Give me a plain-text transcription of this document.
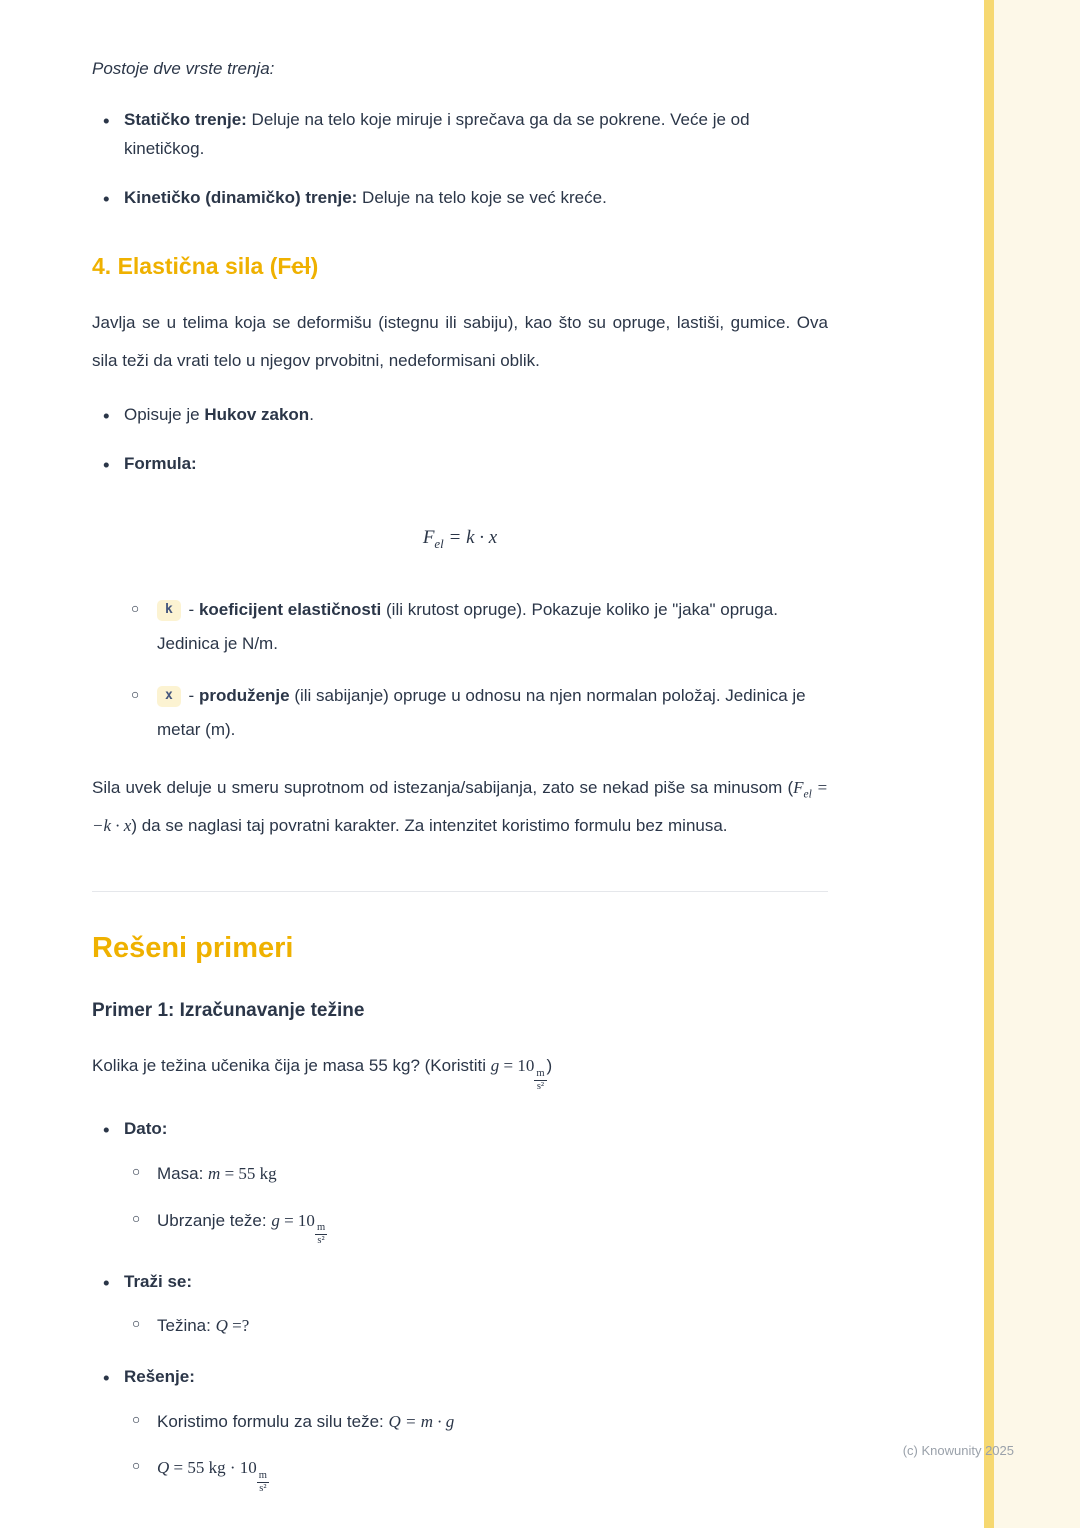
Postoje dve vrste trenja:

• Statičko trenje: Deluje na telo koje miruje i sprečava ga da se pokrene. Veće je od kinetičkog.
• Kinetičko (dinamičko) trenje: Deluje na telo koje se već kreće.
4. Elastična sila (Fel)

Javlja se u telima koja se deformišu (istegnu ili sabiju), kao što su opruge, lastiši, gumice. Ova sila teži da vrati telo u njegov prvobitni, nedeformisani oblik.

• Opisuje je Hukov zakon.
• Formula:
$F_{el} = k \cdot x$
○ k - koeficijent elastičnosti (ili krutost opruge). Pokazuje koliko je "jaka" opruga. Jedinica je N/m.
○ x - produženje (ili sabijanje) opruge u odnosu na njen normalan položaj. Jedinica je metar (m).

Sila uvek deluje u smeru suprotnom od istezanja/sabijanja, zato se nekad piše sa minusom $(F_{el} = -k \cdot x)$ da se naglasi taj povratni karakter. Za intenzitet koristimo formulu bez minusa.

Rešeni primeri
Primer 1: Izračunavanje težine

Kolika je težina učenika čija je masa 55 kg? (Koristiti g = 10
$\frac{m}{\text{s²}}$
)

• Dato:
○ Masa: m = 55 kg
○ Ubrzanje teže: g = 10
$\frac{m}{\text{s²}}$
• Traži se:
○ Težina: Q =?
• Rešenje:
○ Koristimo formulu za silu teže: Q = m · g
○ Q = 55 kg · 10
$\frac{m}{\text{s²}}$
(c) Knowunity 2025
